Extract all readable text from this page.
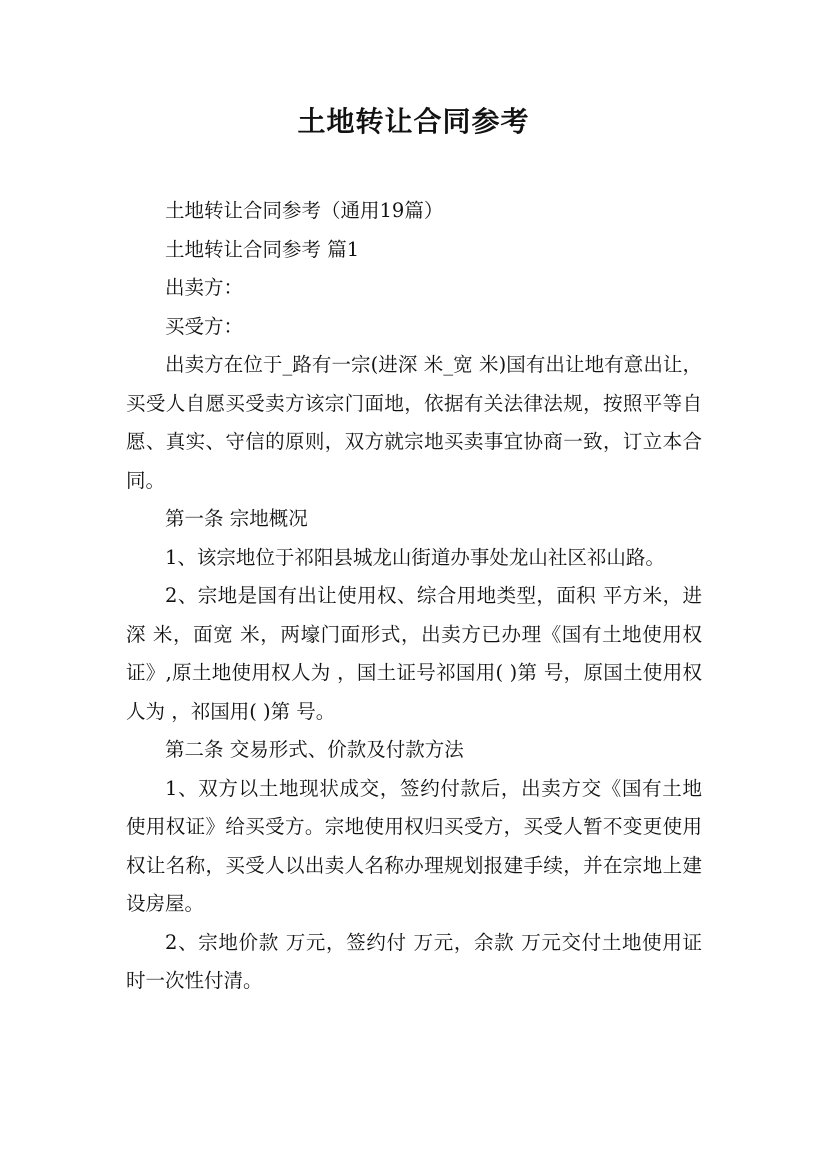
土地转让合同参考

土地转让合同参考（通用19篇）

土地转让合同参考 篇1

出卖方：

买受方：

出卖方在位于_路有一宗(进深 米_宽 米)国有出让地有意出让，买受人自愿买受卖方该宗门面地，依据有关法律法规，按照平等自愿、真实、守信的原则，双方就宗地买卖事宜协商一致，订立本合同。

第一条 宗地概况

1、该宗地位于祁阳县城龙山街道办事处龙山社区祁山路。

2、宗地是国有出让使用权、综合用地类型，面积 平方米，进深 米，面宽 米，两壕门面形式，出卖方已办理《国有土地使用权证》,原土地使用权人为 ，国土证号祁国用( )第 号，原国土使用权人为 ，祁国用( )第 号。

第二条 交易形式、价款及付款方法

1、双方以土地现状成交，签约付款后，出卖方交《国有土地使用权证》给买受方。宗地使用权归买受方，买受人暂不变更使用权让名称，买受人以出卖人名称办理规划报建手续，并在宗地上建设房屋。

2、宗地价款 万元，签约付 万元，余款 万元交付土地使用证时一次性付清。
